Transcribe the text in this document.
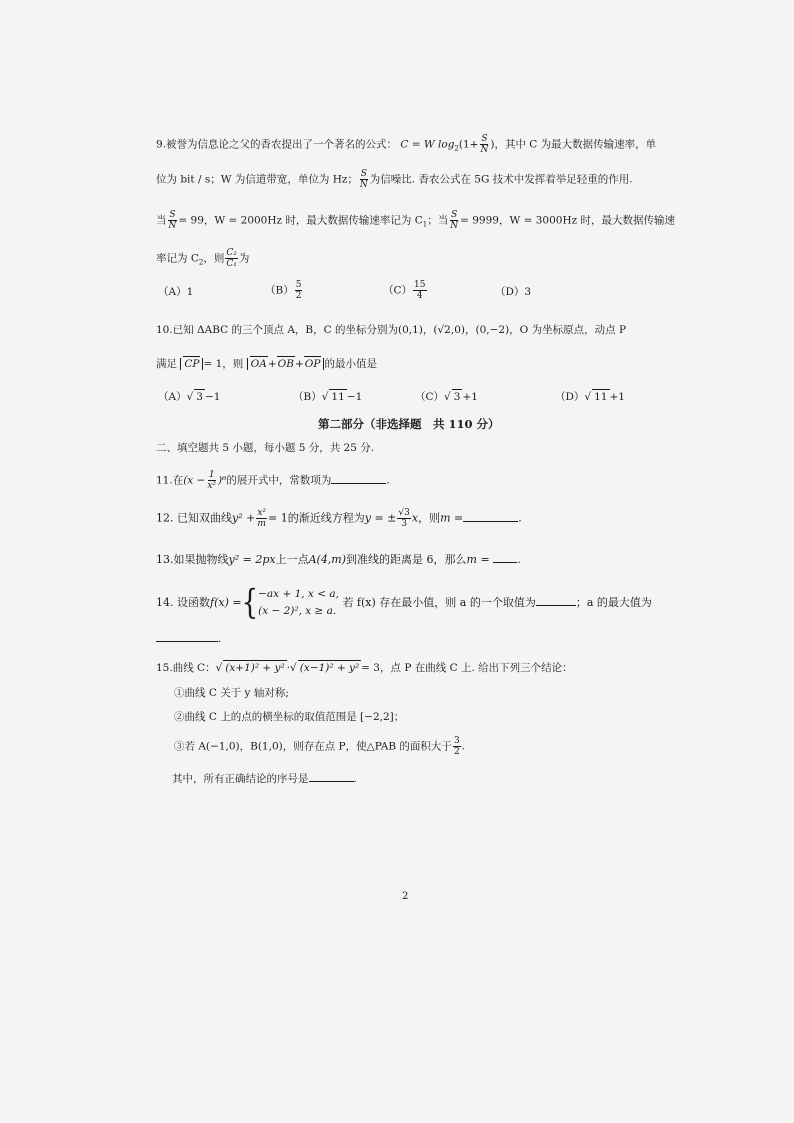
9.被誉为信息论之父的香农提出了一个著名的公式： C = W $\log_2(1+ \frac{S}{N}$ )，其中 C 为最大数据传输速率，单
位为 bit / s；W 为信道带宽，单位为 Hz； $\frac{S}{N}$ 为信噪比. 香农公式在 5G 技术中发挥着举足轻重的作用.
当 $\frac{S}{N} = 99$，W = 2000Hz 时，最大数据传输速率记为 $C_1$；当 $\frac{S}{N} = 9999$，W = 3000Hz 时，最大数据传输速
率记为 $C_2$，则 $\frac{\text{C₂}}{\text{C₁}}$ 为
（A）1	$(B) \frac{5}{2}$	$(C) \frac{15}{4}$	（D）3
10.已知 ΔABC 的三个顶点 A，B，C 的坐标分别为(0,1)，(√2,0)，(0,−2)，O 为坐标原点，动点 P
满足 CP = 1，则 OA+OB+OP 的最小值是
（A）√ 3 −1	（B）√ 11 −1	（C）√ 3 +1	（D）√ 11 +1
第二部分（非选择题　共 110 分）
二、填空题共 5 小题，每小题 5 分，共 25 分.
11.在$(x - \frac{1}{\text{x²}} )^6$的展开式中，常数项为	.
12. 已知双曲线$y^2 + \frac{\text{x²}}{m} = 1$的渐近线方程为y = ± $\frac{√3}{3}$ x，则m =	.
13.如果抛物线y² = 2px上一点A(4,m)到准线的距离是 6，那么m =	.
14. 设函数f(x) ={ −ax + 1, x < a,
(x − 2)², x ≥ a.
若 f(x) 存在最小值，则 a 的一个取值为	；a 的最大值为
.
15.曲线 C：√ (x+1)² + y² ·√ (x−1)² + y² = 3，点 P 在曲线 C 上. 给出下列三个结论：
①曲线 C 关于 y 轴对称;
②曲线 C 上的点的横坐标的取值范围是 [−2,2]；
③若 A(−1,0)，B(1,0)，则存在点 P，使△PAB 的面积大于 $\frac{3}{2}$ .
其中，所有正确结论的序号是	.
2
